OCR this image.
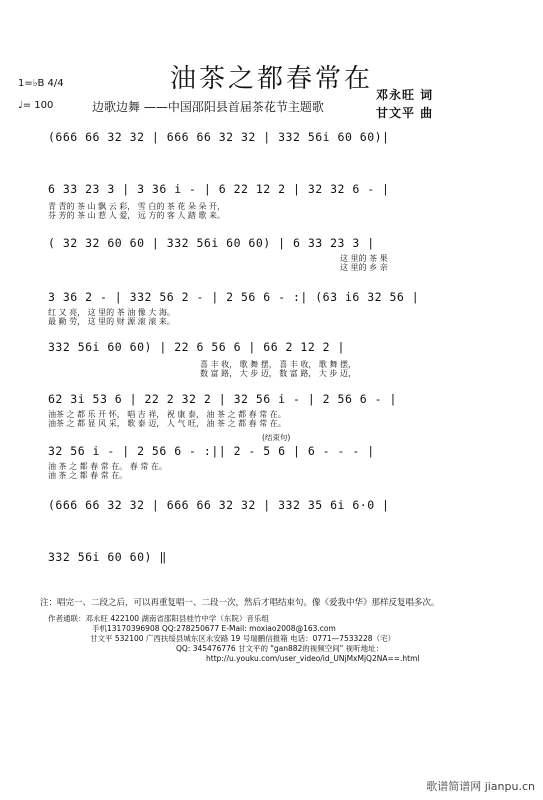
油茶之都春常在
1=♭B 4/4
♩= 100	边歌边舞 ——中国邵阳县首届茶花节主题歌
邓永旺 词
甘文平 曲
(666 66 32 32 | 666 66 32 32 | 332 56i 60 60)|
6 33 23 3 | 3 36 i - | 6 22 12 2 | 32 32 6 - |
青 青的 茶 山 飘 云 彩， 雪 白的 茶 花 朵 朵 开，
芬 芳的 茶 山 惹 人 爱， 远 方的 客 人 踏 歌 来。
( 32 32 60 60 | 332 56i 60 60) | 6 33 23 3 |
这 里的 茶 果
这 里的 乡 亲
3 36 2 - | 332 56 2 - | 2 56 6 - :| (63 i6 32 56 |
红 又 亮， 这 里的 茶 油 像 大 海。
最 勤 劳， 这 里的 财 源 滚 滚 来。
332 56i 60 60) | 22 6 56 6 | 66 2 12 2 |
喜 丰 收， 歌 舞 摆， 喜 丰 收， 歌 舞 摆，
数 富 路， 大 步 迈， 数 富 路， 大 步 迈，
62 3i 53 6 | 22 2 32 2 | 32 56 i - | 2 56 6 - |
油茶 之 都 乐 开 怀， 唱 吉 祥， 祝 康 泰， 油 茶 之 都 春 常 在。
油茶 之 都 显 风 采， 歌 泰 迈， 人 气 旺， 油 茶 之 都 春 常 在。
(结束句)
32 56 i - | 2 56 6 - :|| 2 - 5 6 | 6 - - - |
油 茶 之 都 春 常 在。 春 常 在。
油 茶 之 都 春 常 在。
(666 66 32 32 | 666 66 32 32 | 332 35 6i 6·0 |
332 56i 60 60) ‖
注：唱完一、二段之后，可以再重复唱一、二段一次，然后才唱结束句。像《爱我中华》那样反复唱多次。
作者通联：邓永旺 422100 湖南省邵阳县桂竹中学（东院）音乐组
手机13170396908 QQ:278250677 E-Mail: moxiao2008@163.com
甘文平 532100 广西扶绥县城东区永安路 19 号瑞鹏信报箱 电话：0771—7533228（宅）
QQ: 345476776 甘文平的 "gan882的视频空间" 视听地址：
http://u.youku.com/user_video/id_UNjMxMjQ2NA==.html
歌谱简谱网 jianpu.cn
